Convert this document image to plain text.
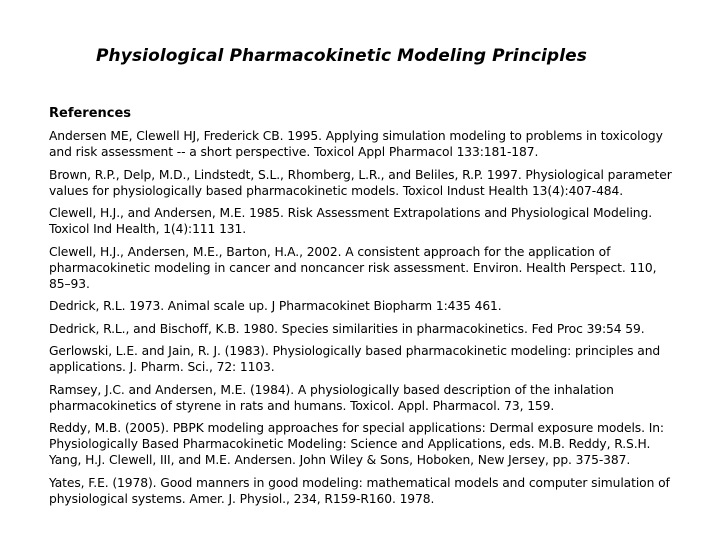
Physiological Pharmacokinetic Modeling Principles
References
Andersen ME, Clewell HJ, Frederick CB. 1995. Applying simulation modeling to problems in toxicology and risk assessment -- a short perspective. Toxicol Appl Pharmacol 133:181-187.
Brown, R.P., Delp, M.D., Lindstedt, S.L., Rhomberg, L.R., and Beliles, R.P. 1997. Physiological parameter values for physiologically based pharmacokinetic models. Toxicol Indust Health 13(4):407-484.
Clewell, H.J., and Andersen, M.E. 1985. Risk Assessment Extrapolations and Physiological Modeling. Toxicol Ind Health, 1(4):111 131.
Clewell, H.J., Andersen, M.E., Barton, H.A., 2002. A consistent approach for the application of pharmacokinetic modeling in cancer and noncancer risk assessment. Environ. Health Perspect. 110, 85–93.
Dedrick, R.L. 1973. Animal scale up. J Pharmacokinet Biopharm 1:435 461.
Dedrick, R.L., and Bischoff, K.B. 1980. Species similarities in pharmacokinetics. Fed Proc 39:54 59.
Gerlowski, L.E. and Jain, R. J. (1983). Physiologically based pharmacokinetic modeling: principles and applications. J. Pharm. Sci., 72: 1103.
Ramsey, J.C. and Andersen, M.E. (1984). A physiologically based description of the inhalation pharmacokinetics of styrene in rats and humans. Toxicol. Appl. Pharmacol. 73, 159.
Reddy, M.B. (2005). PBPK modeling approaches for special applications: Dermal exposure models. In: Physiologically Based Pharmacokinetic Modeling: Science and Applications, eds. M.B. Reddy, R.S.H. Yang, H.J. Clewell, III, and M.E. Andersen. John Wiley & Sons, Hoboken, New Jersey, pp. 375-387.
Yates, F.E. (1978). Good manners in good modeling: mathematical models and computer simulation of physiological systems. Amer. J. Physiol., 234, R159-R160. 1978.
